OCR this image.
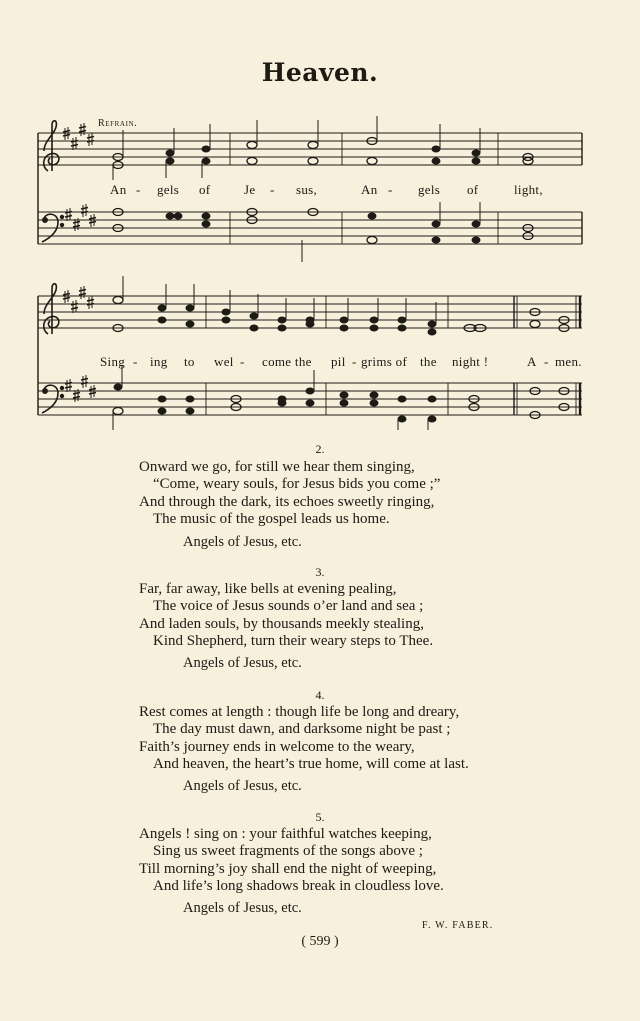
Heaven.
Refrain.
An - gels of	Je - sus,	An - gels of	light,
Sing - ing to wel - come the pil - grims of the night !	A - men.
2.
Onward we go, for still we hear them singing,
“Come, weary souls, for Jesus bids you come ;”
And through the dark, its echoes sweetly ringing,
The music of the gospel leads us home.
Angels of Jesus, etc.
3.
Far, far away, like bells at evening pealing,
The voice of Jesus sounds o’er land and sea ;
And laden souls, by thousands meekly stealing,
Kind Shepherd, turn their weary steps to Thee.
Angels of Jesus, etc.
4.
Rest comes at length : though life be long and dreary,
The day must dawn, and darksome night be past ;
Faith’s journey ends in welcome to the weary,
And heaven, the heart’s true home, will come at last.
Angels of Jesus, etc.
5.
Angels ! sing on : your faithful watches keeping,
Sing us sweet fragments of the songs above ;
Till morning’s joy shall end the night of weeping,
And life’s long shadows break in cloudless love.
Angels of Jesus, etc.
F. W. FABER.
( 599 )
